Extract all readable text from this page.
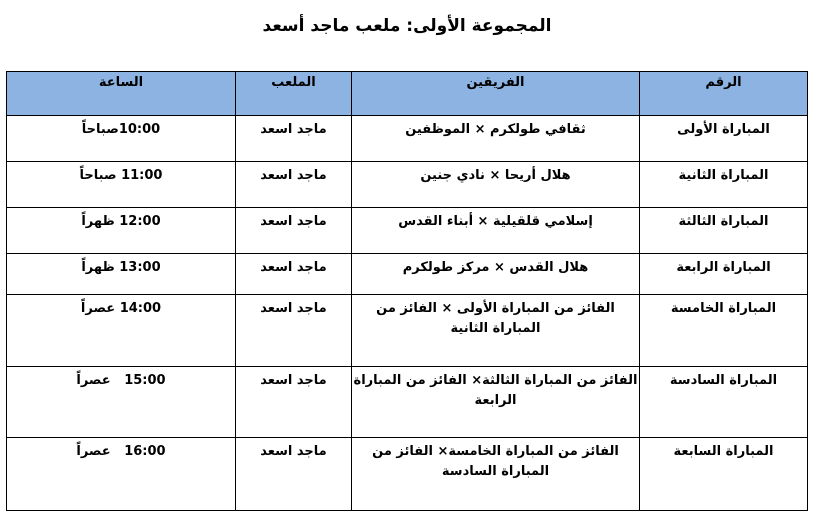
المجموعة الأولى: ملعب ماجد أسعد
الرقم	الفريقين	الملعب	الساعة
المباراة الأولى	ثقافي طولكرم × الموظفين	ماجد اسعد	10:00صباحاً
المباراة الثانية	هلال أريحا × نادي جنين	ماجد اسعد	11:00 صباحاً
المباراة الثالثة	إسلامي قلقيلية × أبناء القدس	ماجد اسعد	12:00 ظهراً
المباراة الرابعة	هلال القدس × مركز طولكرم	ماجد اسعد	13:00 ظهراً
المباراة الخامسة	الفائز من المباراة الأولى × الفائز من المباراة الثانية	ماجد اسعد	14:00 عصراً
المباراة السادسة	الفائز من المباراة الثالثة× الفائز من المباراة الرابعة	ماجد اسعد	15:00   عصراً
المباراة السابعة	الفائز من المباراة الخامسة× الفائز من المباراة السادسة	ماجد اسعد	16:00   عصراً
